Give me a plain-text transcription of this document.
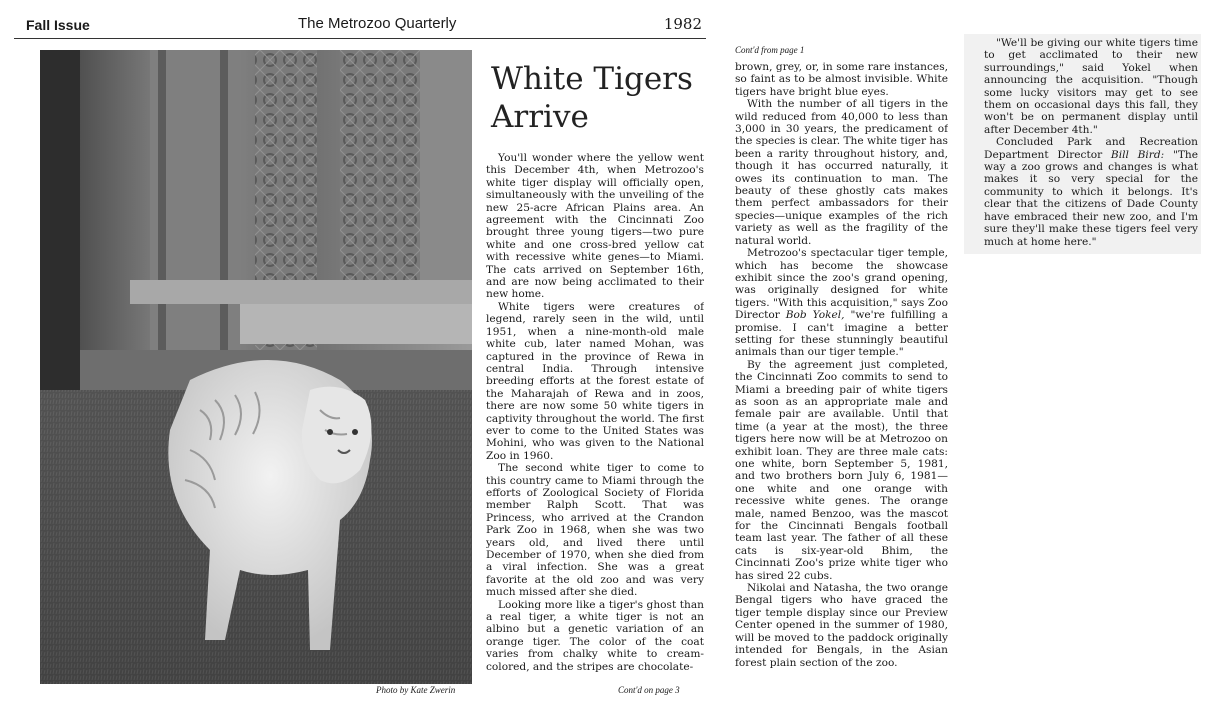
Fall Issue	The Metrozoo Quarterly	1982
Photo by Kate Zwerin
White Tigers
Arrive

You'll wonder where the yellow went this December 4th, when Metrozoo's white tiger display will officially open, simultaneously with the unveiling of the new 25-acre African Plains area. An agreement with the Cincinnati Zoo brought three young tigers—two pure white and one cross-bred yellow cat with recessive white genes—to Miami. The cats arrived on September 16th, and are now being acclimated to their new home.

White tigers were creatures of legend, rarely seen in the wild, until 1951, when a nine-month-old male white cub, later named Mohan, was captured in the province of Rewa in central India. Through intensive breeding efforts at the forest estate of the Maharajah of Rewa and in zoos, there are now some 50 white tigers in captivity throughout the world. The first ever to come to the United States was Mohini, who was given to the National Zoo in 1960.

The second white tiger to come to this country came to Miami through the efforts of Zoological Society of Florida member Ralph Scott. That was Princess, who arrived at the Crandon Park Zoo in 1968, when she was two years old, and lived there until December of 1970, when she died from a viral infection. She was a great favorite at the old zoo and was very much missed after she died.

Looking more like a tiger's ghost than a real tiger, a white tiger is not an albino but a genetic variation of an orange tiger. The color of the coat varies from chalky white to cream-colored, and the stripes are chocolate-

Cont'd on page 3
Cont'd from page 1

brown, grey, or, in some rare instances, so faint as to be almost invisible. White tigers have bright blue eyes.

With the number of all tigers in the wild reduced from 40,000 to less than 3,000 in 30 years, the predicament of the species is clear. The white tiger has been a rarity throughout history, and, though it has occurred naturally, it owes its continuation to man. The beauty of these ghostly cats makes them perfect ambassadors for their species—unique examples of the rich variety as well as the fragility of the natural world.

Metrozoo's spectacular tiger temple, which has become the showcase exhibit since the zoo's grand opening, was originally designed for white tigers. "With this acquisition," says Zoo Director Bob Yokel, "we're fulfilling a promise. I can't imagine a better setting for these stunningly beautiful animals than our tiger temple."

By the agreement just completed, the Cincinnati Zoo commits to send to Miami a breeding pair of white tigers as soon as an appropriate male and female pair are available. Until that time (a year at the most), the three tigers here now will be at Metrozoo on exhibit loan. They are three male cats: one white, born September 5, 1981, and two brothers born July 6, 1981—one white and one orange with recessive white genes. The orange male, named Benzoo, was the mascot for the Cincinnati Bengals football team last year. The father of all these cats is six-year-old Bhim, the Cincinnati Zoo's prize white tiger who has sired 22 cubs.

Nikolai and Natasha, the two orange Bengal tigers who have graced the tiger temple display since our Preview Center opened in the summer of 1980, will be moved to the paddock originally intended for Bengals, in the Asian forest plain section of the zoo.

"We'll be giving our white tigers time to get acclimated to their new surroundings," said Yokel when announcing the acquisition. "Though some lucky visitors may get to see them on occasional days this fall, they won't be on permanent display until after December 4th."

Concluded Park and Recreation Department Director Bill Bird: "The way a zoo grows and changes is what makes it so very special for the community to which it belongs. It's clear that the citizens of Dade County have embraced their new zoo, and I'm sure they'll make these tigers feel very much at home here."
